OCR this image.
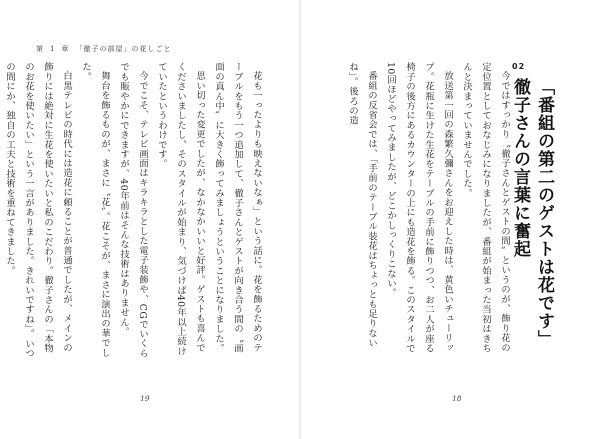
第 1 章 「徹子の部屋」の花しごと

花も一ったよりも映えないなぁ」という話に。花を飾るためのテーブルをもう一つ追加して、徹子さんとゲストが向き合う間の〝画面の真ん中〟に大きく飾ってみましょうということになりました。

思い切った変更でしたが、なかなかいいと好評。ゲストも喜んでくださいましたし、そのスタイルが始まり、気づけば40年以上続けていたというわけです。

今でこそ、テレビ画面はキラキラとした電子装飾や、CGでいくらでも賑やかにできますが、40年前はそんな技術はありません。

舞台を飾るものが、まさに〝花〟。花こそが、まさに演出の華でした。

白黒テレビの時代には造花に頼ることが普通でしたが、メインの飾りには絶対に生花を使いたいと私のこだわり。徹子さんの「本物のお花を使いたい」という一言がありました。きれいですね」。いつの間にか、独自の工夫と技術を重ねてきました。

19

今ではすっかり〝徹子さんとゲストの間〟というのが、飾り花の定位置としておなじみになりましたが、番組が始まった当初はきちんと決まっていませんでした。

放送第一回の森繁久彌さんをお迎えした時は、黄色いチューリップ。花瓶に生けた生花をテーブルの手前に飾りつつ、お二人が座る椅子の後方にあるカウンターの上にも造花を飾る。このスタイルで10回ほどやってみましたが、どこかしっくりこない。

番組の反省会では、「手前のテーブル装花はちょっとも足りないね」。後ろの造	02
「番組の第二のゲストは花です」
徹子さんの言葉に奮起
18
